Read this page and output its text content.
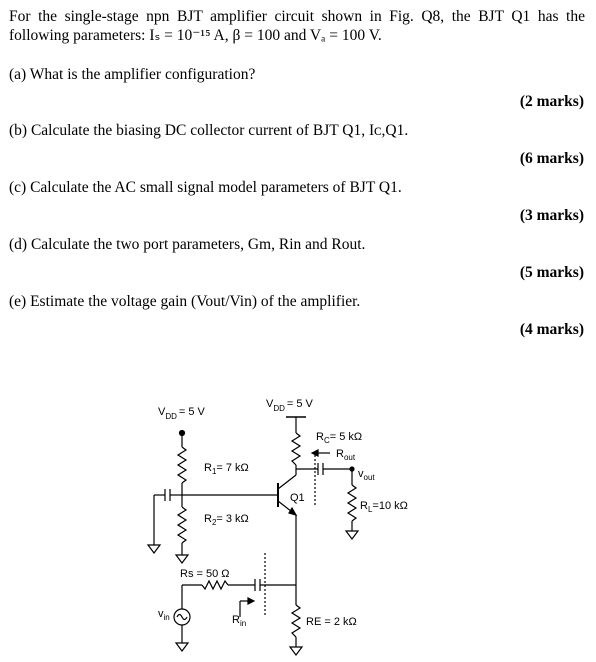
For the single-stage npn BJT amplifier circuit shown in Fig. Q8, the BJT Q1 has the
following parameters: Iₛ = 10⁻¹⁵ A, β = 100 and Vₐ = 100 V.
(a) What is the amplifier configuration?
(2 marks)
(b) Calculate the biasing DC collector current of BJT Q1, Iᴄ,Q1.
(6 marks)
(c) Calculate the AC small signal model parameters of BJT Q1.
(3 marks)
(d) Calculate the two port parameters, Gm, Rin and Rout.
(5 marks)
(e) Estimate the voltage gain (Vout/Vin) of the amplifier.
(4 marks)
$V_{DD} = 5$ V
$V_{DD} = 5$ V
$R_1= 7$ kΩ
$R_2= 3$ kΩ
$R_C= 5$ kΩ
$R_{out}$
$v_{out}$
$R_L=10$ kΩ
Q1
Rs = 50 Ω
$v_{in}$	$R_{in}$	RE = 2 kΩ
